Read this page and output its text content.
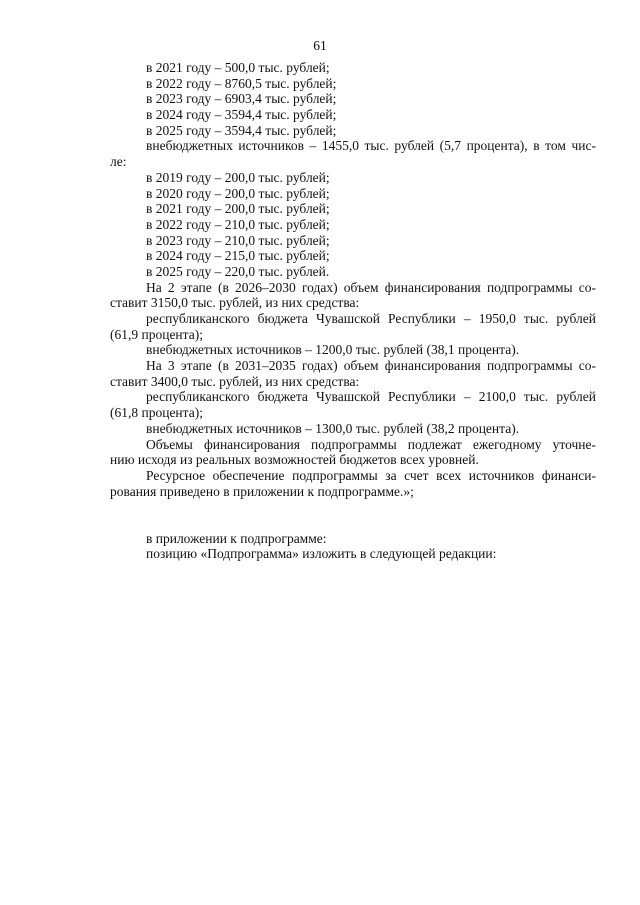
61
в 2021 году – 500,0 тыс. рублей;
в 2022 году – 8760,5 тыс. рублей;
в 2023 году – 6903,4 тыс. рублей;
в 2024 году – 3594,4 тыс. рублей;
в 2025 году – 3594,4 тыс. рублей;
внебюджетных источников – 1455,0 тыс. рублей (5,7 процента), в том чис-
ле:
в 2019 году – 200,0 тыс. рублей;
в 2020 году – 200,0 тыс. рублей;
в 2021 году – 200,0 тыс. рублей;
в 2022 году – 210,0 тыс. рублей;
в 2023 году – 210,0 тыс. рублей;
в 2024 году – 215,0 тыс. рублей;
в 2025 году – 220,0 тыс. рублей.
На 2 этапе (в 2026–2030 годах) объем финансирования подпрограммы со-
ставит 3150,0 тыс. рублей, из них средства:
республиканского бюджета Чувашской Республики – 1950,0 тыс. рублей
(61,9 процента);
внебюджетных источников – 1200,0 тыс. рублей (38,1 процента).
На 3 этапе (в 2031–2035 годах) объем финансирования подпрограммы со-
ставит 3400,0 тыс. рублей, из них средства:
республиканского бюджета Чувашской Республики – 2100,0 тыс. рублей
(61,8 процента);
внебюджетных источников – 1300,0 тыс. рублей (38,2 процента).
Объемы финансирования подпрограммы подлежат ежегодному уточне-
нию исходя из реальных возможностей бюджетов всех уровней.
Ресурсное обеспечение подпрограммы за счет всех источников финанси-
рования приведено в приложении к подпрограмме.»;
в приложении к подпрограмме:
позицию «Подпрограмма» изложить в следующей редакции:
